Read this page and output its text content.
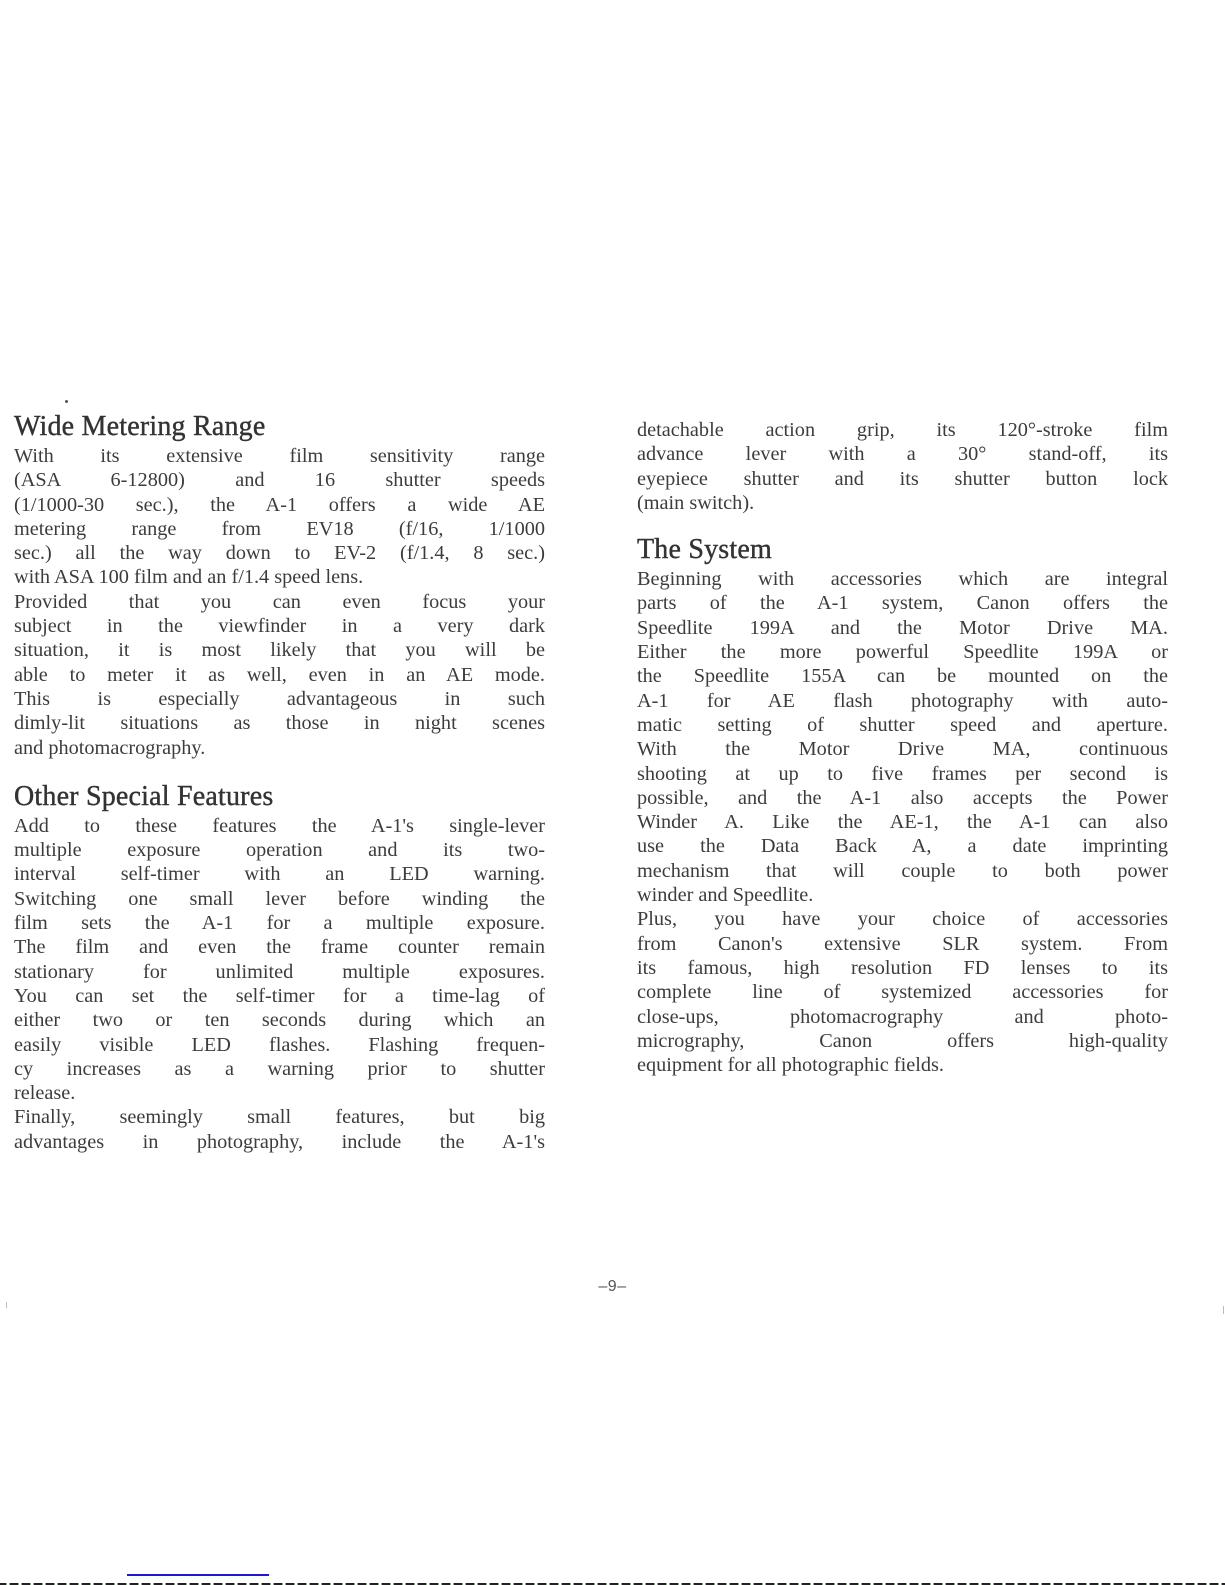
Wide Metering Range
With its extensive film sensitivity range
(ASA 6-12800) and 16 shutter speeds
(1/1000-30 sec.), the A-1 offers a wide AE
metering range from EV18 (f/16, 1/1000
sec.) all the way down to EV-2 (f/1.4, 8 sec.)
with ASA 100 film and an f/1.4 speed lens.
Provided that you can even focus your
subject in the viewfinder in a very dark
situation, it is most likely that you will be
able to meter it as well, even in an AE mode.
This is especially advantageous in such
dimly-lit situations as those in night scenes
and photomacrography.
Other Special Features
Add to these features the A-1's single-lever
multiple exposure operation and its two-
interval self-timer with an LED warning.
Switching one small lever before winding the
film sets the A-1 for a multiple exposure.
The film and even the frame counter remain
stationary for unlimited multiple exposures.
You can set the self-timer for a time-lag of
either two or ten seconds during which an
easily visible LED flashes. Flashing frequen-
cy increases as a warning prior to shutter
release.
Finally, seemingly small features, but big
advantages in photography, include the A-1's
detachable action grip, its 120°-stroke film
advance lever with a 30° stand-off, its
eyepiece shutter and its shutter button lock
(main switch).
The System
Beginning with accessories which are integral
parts of the A-1 system, Canon offers the
Speedlite 199A and the Motor Drive MA.
Either the more powerful Speedlite 199A or
the Speedlite 155A can be mounted on the
A-1 for AE flash photography with auto-
matic setting of shutter speed and aperture.
With the Motor Drive MA, continuous
shooting at up to five frames per second is
possible, and the A-1 also accepts the Power
Winder A. Like the AE-1, the A-1 can also
use the Data Back A, a date imprinting
mechanism that will couple to both power
winder and Speedlite.
Plus, you have your choice of accessories
from Canon's extensive SLR system. From
its famous, high resolution FD lenses to its
complete line of systemized accessories for
close-ups, photomacrography and photo-
micrography, Canon offers high-quality
equipment for all photographic fields.
–9–
